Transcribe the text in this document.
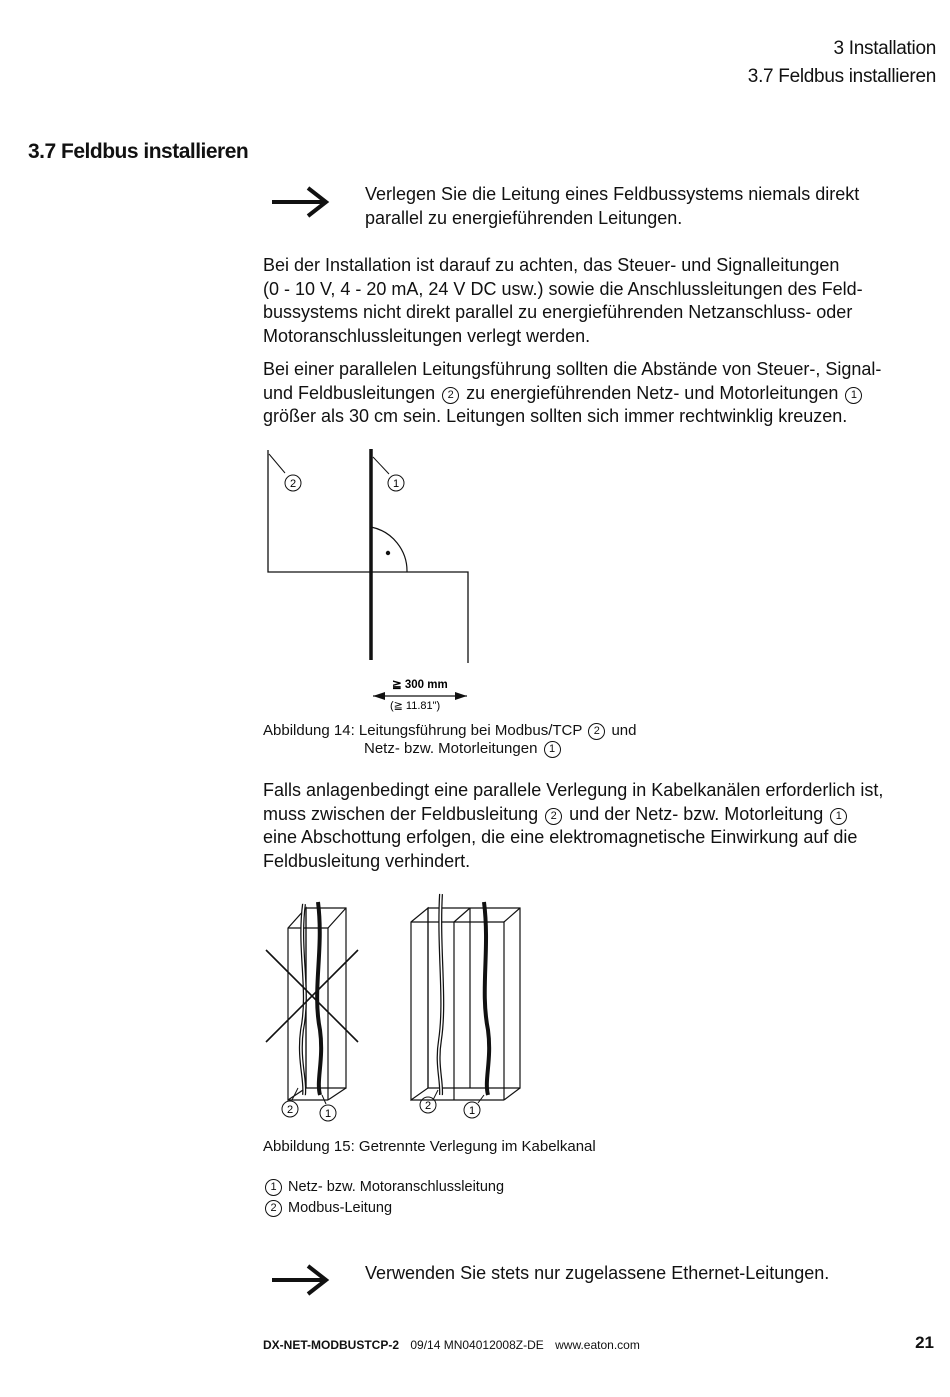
3 Installation
3.7 Feldbus installieren
3.7 Feldbus installieren
Verlegen Sie die Leitung eines Feldbussystems niemals direkt
parallel zu energieführenden Leitungen.
Bei der Installation ist darauf zu achten, das Steuer- und Signalleitungen
(0 - 10 V, 4 - 20 mA, 24 V DC usw.) sowie die Anschlussleitungen des Feld-
bussystems nicht direkt parallel zu energieführenden Netzanschluss- oder
Motoranschlussleitungen verlegt werden.
Bei einer parallelen Leitungsführung sollten die Abstände von Steuer-, Signal-
und Feldbusleitungen 2 zu energieführenden Netz- und Motorleitungen 1
größer als 30 cm sein. Leitungen sollten sich immer rechtwinklig kreuzen.
2	1
≧ 300 mm
(≧ 11.81")
Abbildung 14: Leitungsführung bei Modbus/TCP 2 und
Netz- bzw. Motorleitungen 1
Falls anlagenbedingt eine parallele Verlegung in Kabelkanälen erforderlich ist,
muss zwischen der Feldbusleitung 2 und der Netz- bzw. Motorleitung 1
eine Abschottung erfolgen, die eine elektromagnetische Einwirkung auf die
Feldbusleitung verhindert.
2	1
2	1
Abbildung 15: Getrennte Verlegung im Kabelkanal
1 Netz- bzw. Motoranschlussleitung
2 Modbus-Leitung
Verwenden Sie stets nur zugelassene Ethernet-Leitungen.
DX-NET-MODBUSTCP-2 09/14 MN04012008Z-DE www.eaton.com	21
